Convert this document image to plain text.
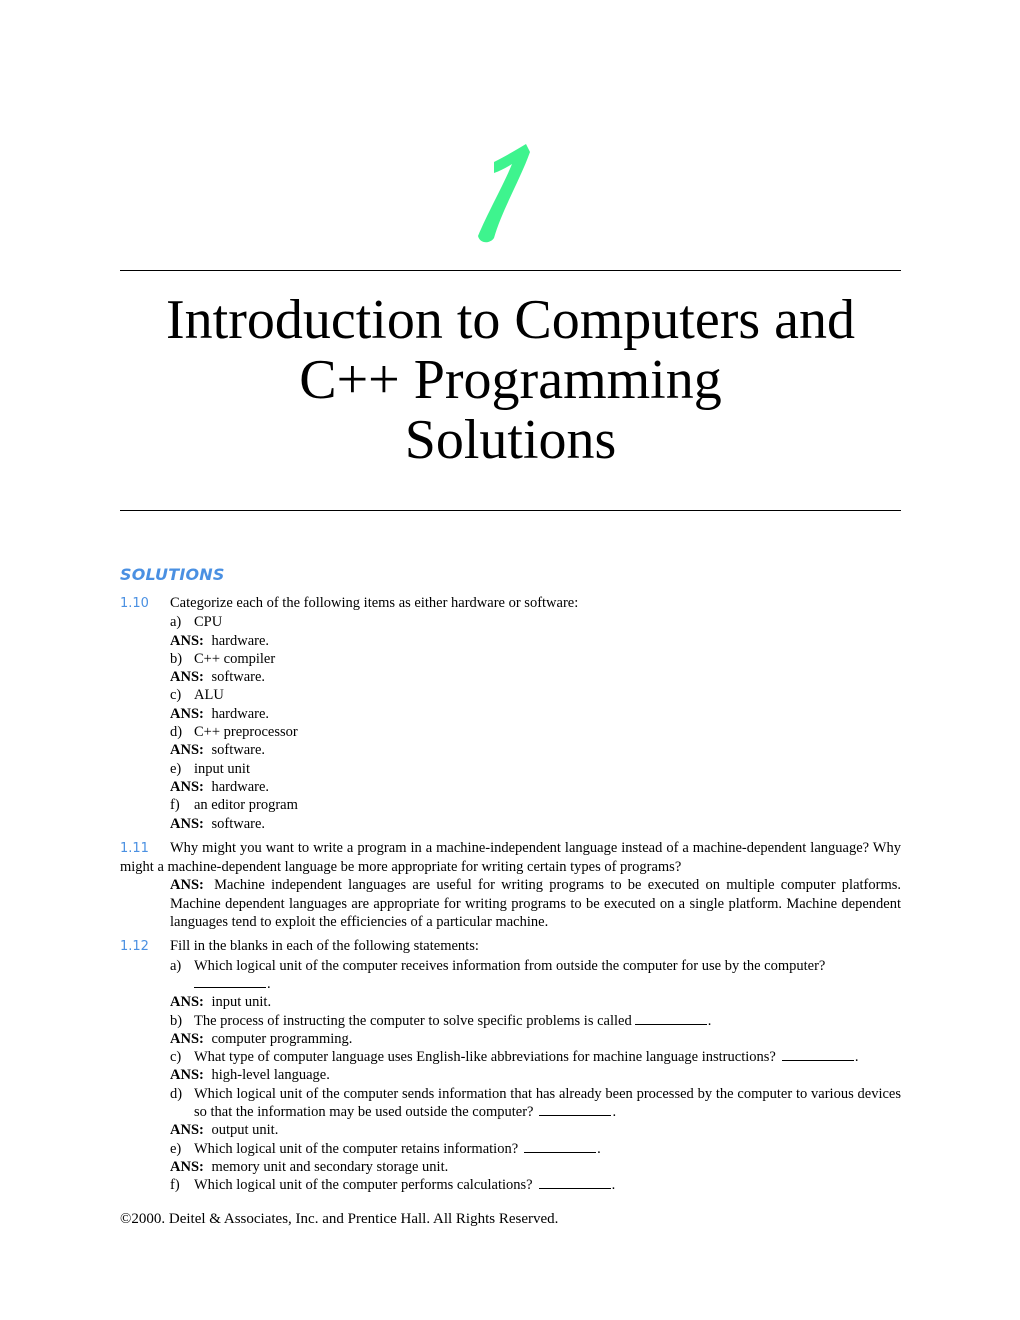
1
Introduction to Computers and
C++ Programming
Solutions
SOLUTIONS

1.10 Categorize each of the following items as either hardware or software:

a) CPU
ANS: hardware.
b) C++ compiler
ANS: software.
c) ALU
ANS: hardware.
d) C++ preprocessor
ANS: software.
e) input unit
ANS: hardware.
f) an editor program
ANS: software.

1.11 Why might you want to write a program in a machine-independent language instead of a machine-dependent language? Why might a machine-dependent language be more appropriate for writing certain types of programs?

ANS: Machine independent languages are useful for writing programs to be executed on multiple computer platforms. Machine dependent languages are appropriate for writing programs to be executed on a single platform. Machine dependent languages tend to exploit the efficiencies of a particular machine.

1.12 Fill in the blanks in each of the following statements:

a) Which logical unit of the computer receives information from outside the computer for use by the computer?
.
ANS: input unit.
b) The process of instructing the computer to solve specific problems is called	.
ANS: computer programming.
c) What type of computer language uses English-like abbreviations for machine language instructions?	.
ANS: high-level language.
d) Which logical unit of the computer sends information that has already been processed by the computer to various devices so that the information may be used outside the computer?	.
ANS: output unit.
e) Which logical unit of the computer retains information?	.
ANS: memory unit and secondary storage unit.
f) Which logical unit of the computer performs calculations?	.
©2000. Deitel & Associates, Inc. and Prentice Hall. All Rights Reserved.
